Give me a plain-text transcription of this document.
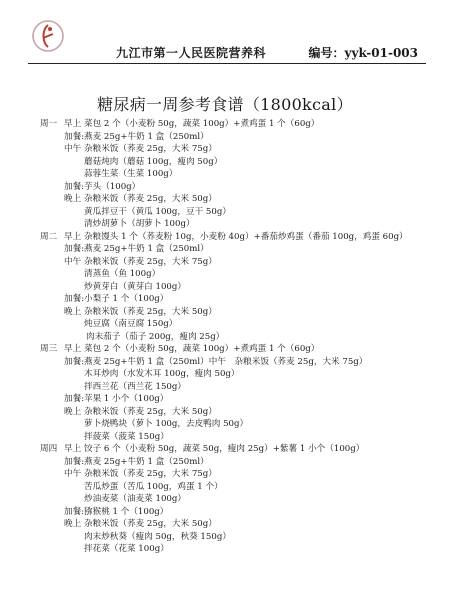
九江市第一人民医院营养科	编号：yyk-01-003
糖尿病一周参考食谱（1800kcal）
周一 早上 菜包 2 个（小麦粉 50g，蔬菜 100g）+煮鸡蛋 1 个（60g）
加餐: 燕麦 25g+牛奶 1 盒（250ml）
中午 杂粮米饭（荞麦 25g，大米 75g）
蘑菇炖肉（蘑菇 100g，瘦肉 50g）
蒜蓉生菜（生菜 100g）
加餐: 芋头（100g）
晚上 杂粮米饭（荞麦 25g，大米 50g）
黄瓜拌豆干（黄瓜 100g，豆干 50g）
清炒胡萝卜（胡萝卜 100g）
周二 早上 杂粮馒头 1 个（荞麦粉 10g，小麦粉 40g）+番茄炒鸡蛋（番茄 100g，鸡蛋 60g）
加餐: 燕麦 25g+牛奶 1 盒（250ml）
中午 杂粮米饭（荞麦 25g，大米 75g）
清蒸鱼（鱼 100g）
炒黄芽白（黄芽白 100g）
加餐: 小梨子 1 个（100g）
晚上 杂粮米饭（荞麦 25g，大米 50g）
炖豆腐（南豆腐 150g）
肉末茄子（茄子 200g，瘦肉 25g）
周三 早上 菜包 2 个（小麦粉 50g，蔬菜 100g）+煮鸡蛋 1 个（60g）
加餐: 燕麦 25g+牛奶 1 盒（250ml）中午　杂粮米饭（荞麦 25g，大米 75g）
木耳炒肉（水发木耳 100g，瘦肉 50g）
拌西兰花（西兰花 150g）
加餐: 苹果 1 小个（100g）
晚上 杂粮米饭（荞麦 25g，大米 50g）
萝卜烧鸭块（萝卜 100g，去皮鸭肉 50g）
拌菠菜（菠菜 150g）
周四 早上 饺子 6 个（小麦粉 50g，蔬菜 50g，瘦肉 25g）+紫薯 1 小个（100g）
加餐: 燕麦 25g+牛奶 1 盒（250ml）
中午 杂粮米饭（荞麦 25g，大米 75g）
苦瓜炒蛋（苦瓜 100g，鸡蛋 1 个）
炒油麦菜（油麦菜 100g）
加餐: 猕猴桃 1 个（100g）
晚上 杂粮米饭（荞麦 25g，大米 50g）
肉末炒秋葵（瘦肉 50g，秋葵 150g）
拌花菜（花菜 100g）
